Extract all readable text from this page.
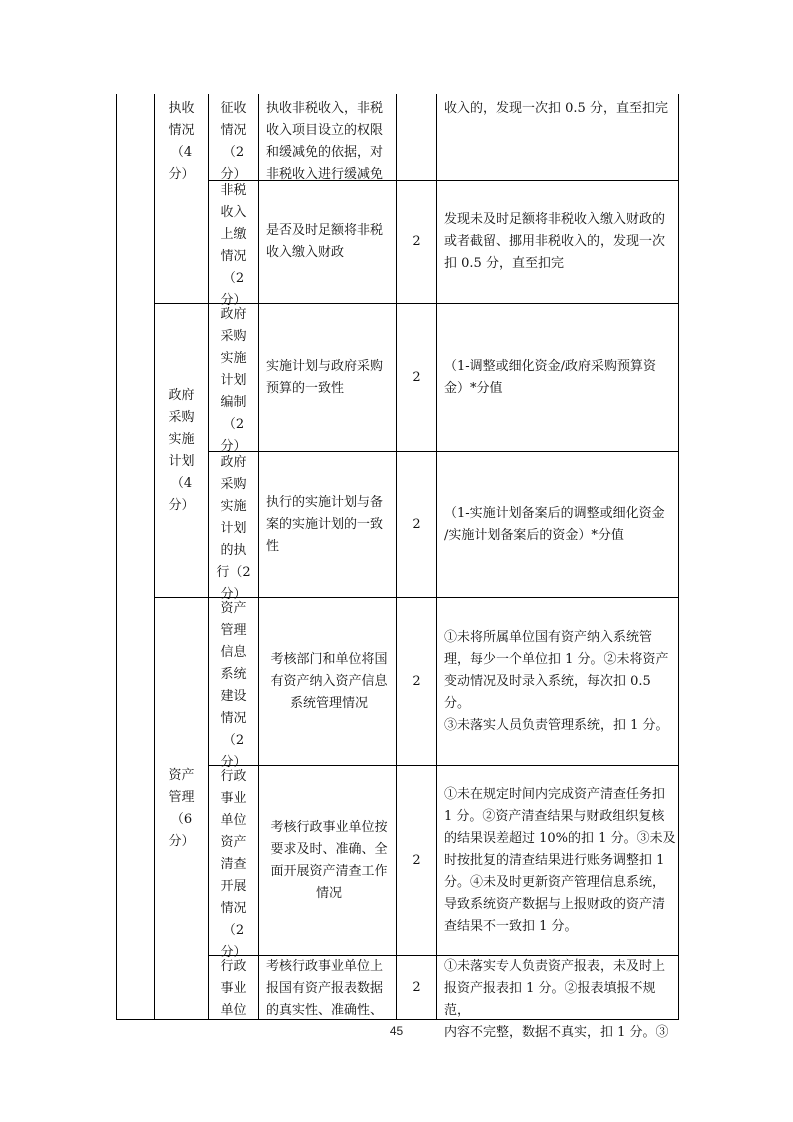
执收
情况
（4
分）
征收
情况
（2
分）
执收非税收入，非税
收入项目设立的权限
和缓减免的依据，对
非税收入进行缓减免
收入的，发现一次扣 0.5 分，直至扣完
非税
收入
上缴
情况
（2
分）
是否及时足额将非税
收入缴入财政
2
发现未及时足额将非税收入缴入财政的
或者截留、挪用非税收入的，发现一次
扣 0.5 分，直至扣完
政府
采购
实施
计划
（4
分）
政府
采购
实施
计划
编制
（2
分）
实施计划与政府采购
预算的一致性
2
（1-调整或细化资金/政府采购预算资
金）*分值
政府
采购
实施
计划
的执
行（2
分）
执行的实施计划与备
案的实施计划的一致
性
2
（1-实施计划备案后的调整或细化资金
/实施计划备案后的资金）*分值
资产
管理
（6
分）
资产
管理
信息
系统
建设
情况
（2
分）
考核部门和单位将国
有资产纳入资产信息
系统管理情况
2
①未将所属单位国有资产纳入系统管
理，每少一个单位扣 1 分。②未将资产
变动情况及时录入系统，每次扣 0.5 分。
③未落实人员负责管理系统，扣 1 分。
行政
事业
单位
资产
清查
开展
情况
（2
分）
考核行政事业单位按
要求及时、准确、全
面开展资产清查工作
情况
2
①未在规定时间内完成资产清查任务扣
1 分。②资产清查结果与财政组织复核
的结果误差超过 10%的扣 1 分。③未及
时按批复的清查结果进行账务调整扣 1
分。④未及时更新资产管理信息系统，
导致系统资产数据与上报财政的资产清
查结果不一致扣 1 分。
行政
事业
单位
考核行政事业单位上
报国有资产报表数据
的真实性、准确性、
2
①未落实专人负责资产报表，未及时上
报资产报表扣 1 分。②报表填报不规范，
内容不完整，数据不真实，扣 1 分。③
45
